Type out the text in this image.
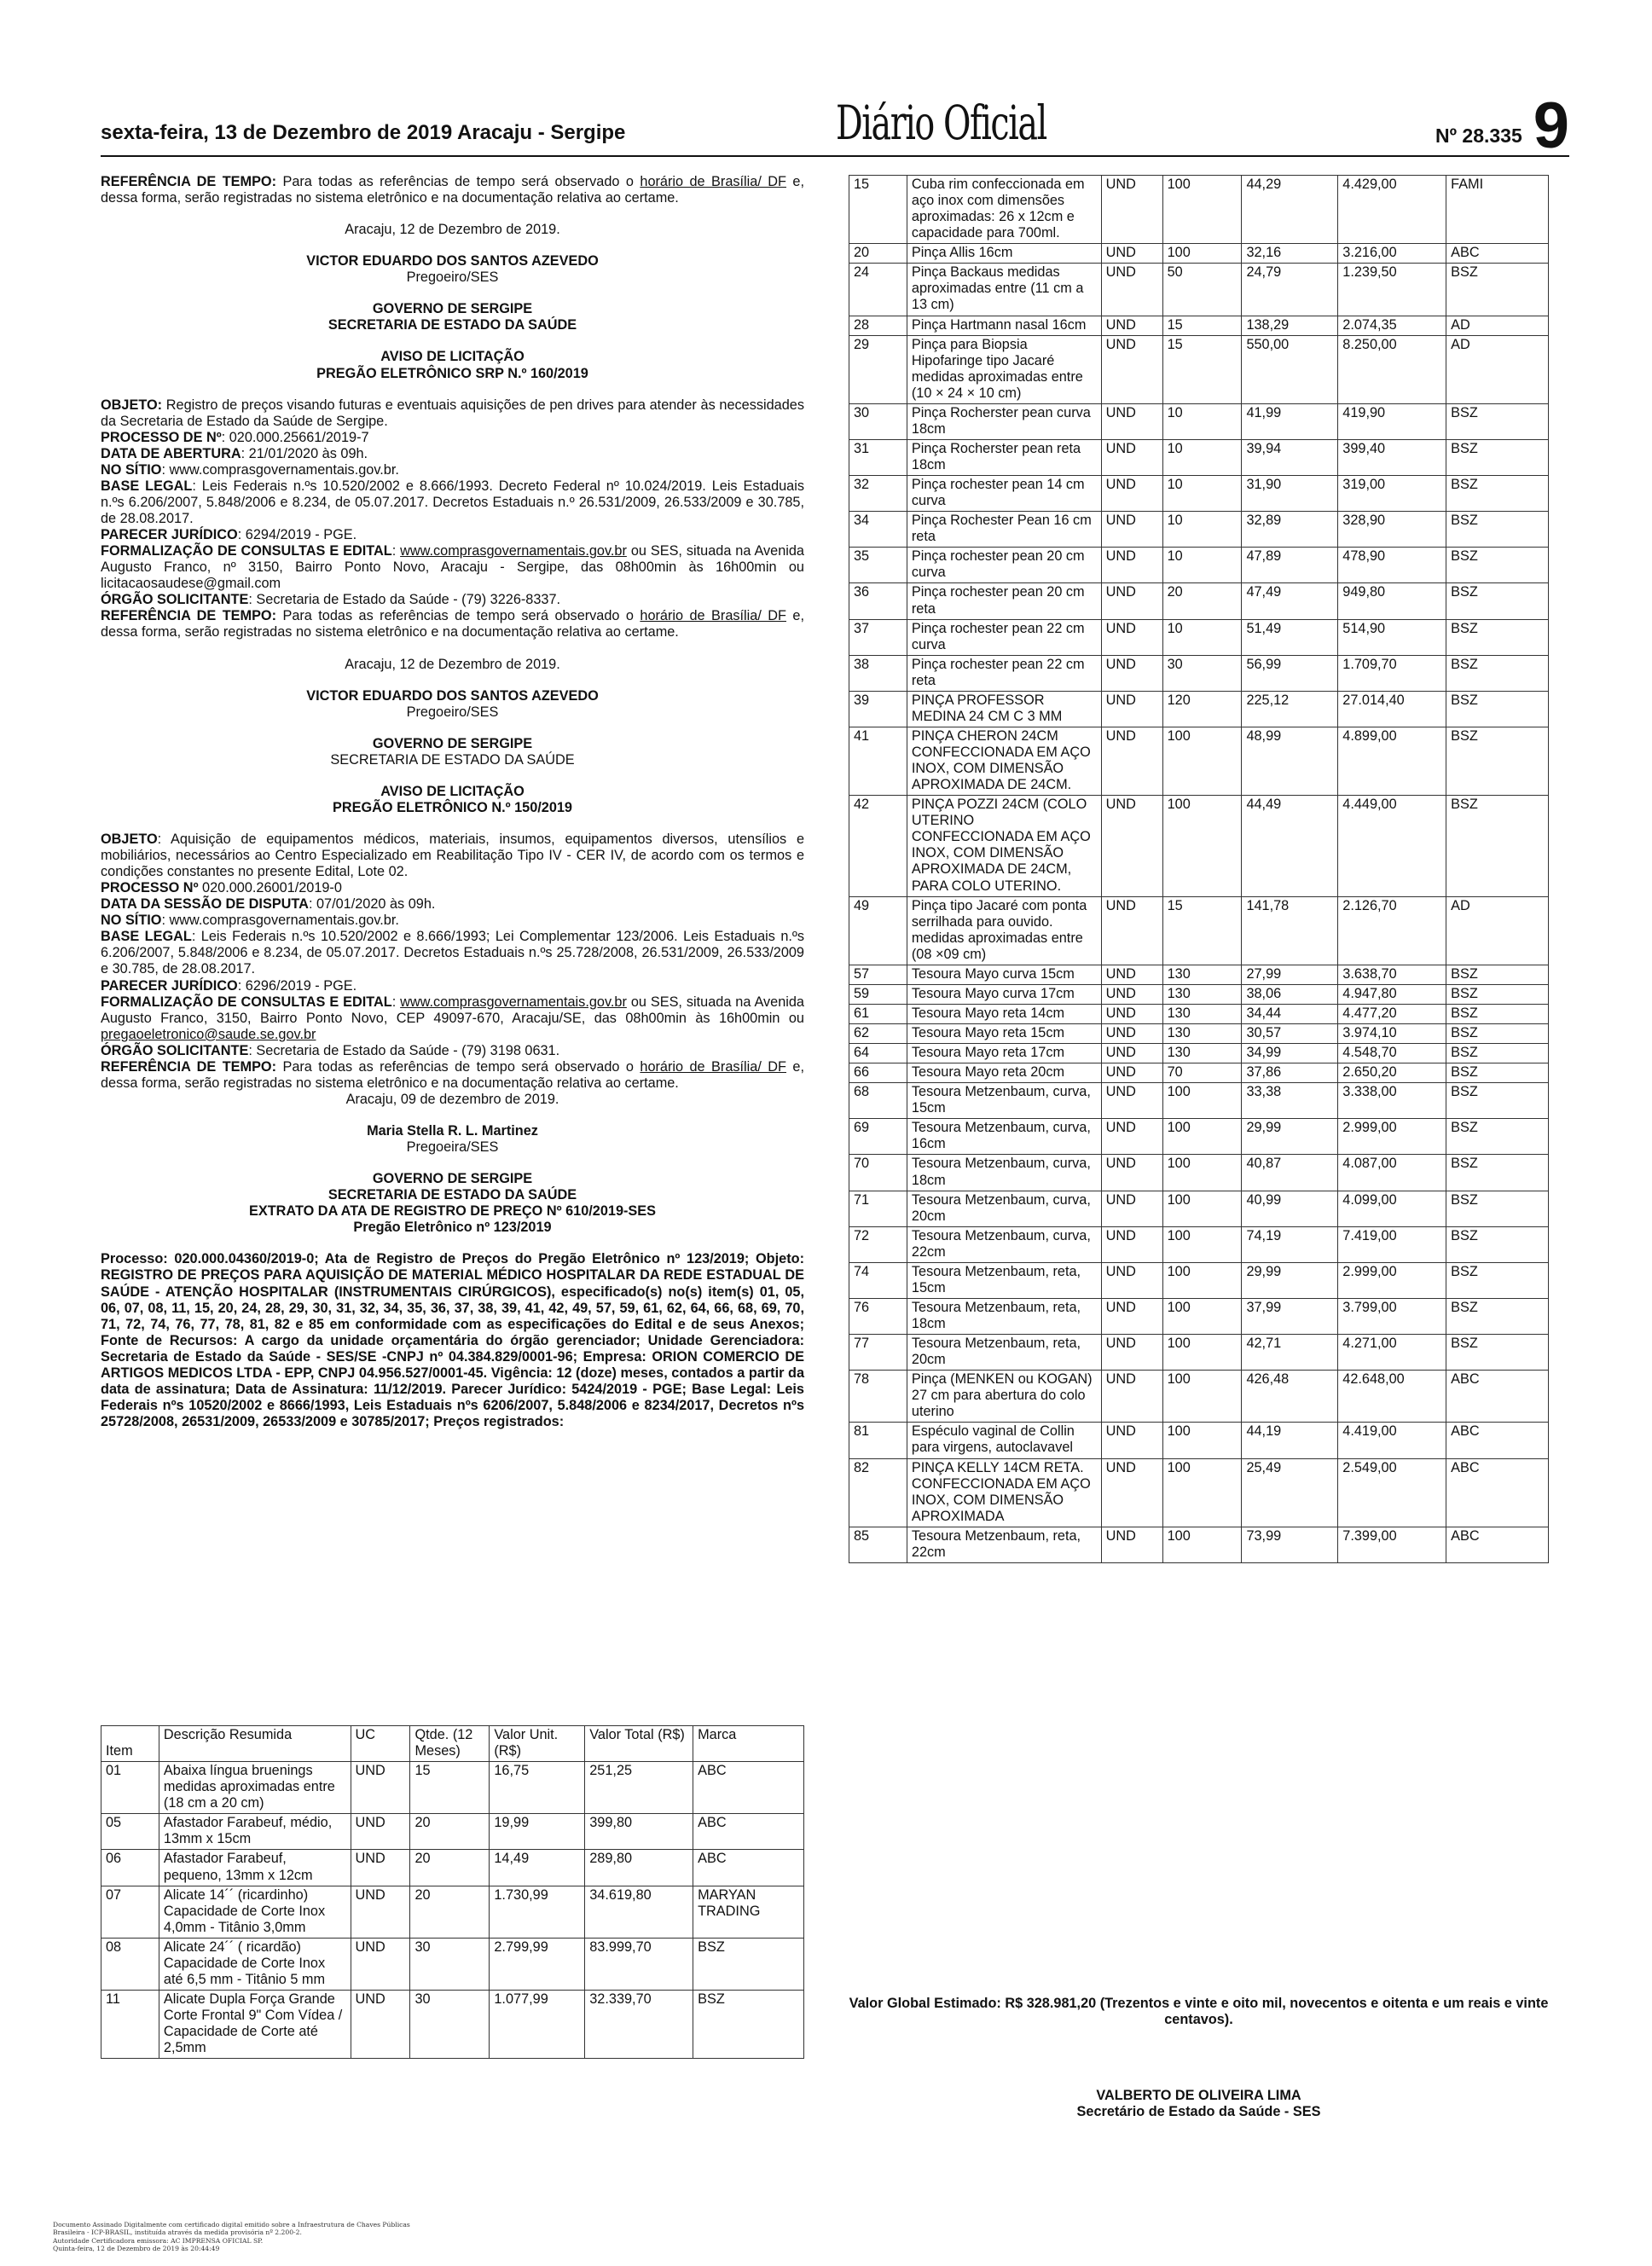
sexta-feira, 13 de Dezembro de 2019 Aracaju - Sergipe	Diário Oficial	Nº 28.335 9

REFERÊNCIA DE TEMPO: Para todas as referências de tempo será observado o horário de Brasília/ DF e, dessa forma, serão registradas no sistema eletrônico e na documentação relativa ao certame.

Aracaju, 12 de Dezembro de 2019.

VICTOR EDUARDO DOS SANTOS AZEVEDO

Pregoeiro/SES

GOVERNO DE SERGIPE

SECRETARIA DE ESTADO DA SAÚDE

AVISO DE LICITAÇÃO

PREGÃO ELETRÔNICO SRP N.º 160/2019

OBJETO: Registro de preços visando futuras e eventuais aquisições de pen drives para atender às necessidades da Secretaria de Estado da Saúde de Sergipe.

PROCESSO DE Nº: 020.000.25661/2019-7

DATA DE ABERTURA: 21/01/2020 às 09h.

NO SÍTIO: www.comprasgovernamentais.gov.br.

BASE LEGAL: Leis Federais n.ºs 10.520/2002 e 8.666/1993. Decreto Federal nº 10.024/2019. Leis Estaduais n.ºs 6.206/2007, 5.848/2006 e 8.234, de 05.07.2017. Decretos Estaduais n.º 26.531/2009, 26.533/2009 e 30.785, de 28.08.2017.

PARECER JURÍDICO: 6294/2019 - PGE.

FORMALIZAÇÃO DE CONSULTAS E EDITAL: www.comprasgovernamentais.gov.br ou SES, situada na Avenida Augusto Franco, nº 3150, Bairro Ponto Novo, Aracaju - Sergipe, das 08h00min às 16h00min ou licitacaosaudese@gmail.com

ÓRGÃO SOLICITANTE: Secretaria de Estado da Saúde - (79) 3226-8337.

REFERÊNCIA DE TEMPO: Para todas as referências de tempo será observado o horário de Brasília/ DF e, dessa forma, serão registradas no sistema eletrônico e na documentação relativa ao certame.

Aracaju, 12 de Dezembro de 2019.

VICTOR EDUARDO DOS SANTOS AZEVEDO

Pregoeiro/SES

GOVERNO DE SERGIPE

SECRETARIA DE ESTADO DA SAÚDE

AVISO DE LICITAÇÃO

PREGÃO ELETRÔNICO N.º 150/2019

OBJETO: Aquisição de equipamentos médicos, materiais, insumos, equipamentos diversos, utensílios e mobiliários, necessários ao Centro Especializado em Reabilitação Tipo IV - CER IV, de acordo com os termos e condições constantes no presente Edital, Lote 02.

PROCESSO Nº 020.000.26001/2019-0

DATA DA SESSÃO DE DISPUTA: 07/01/2020 às 09h.

NO SÍTIO: www.comprasgovernamentais.gov.br.

BASE LEGAL: Leis Federais n.ºs 10.520/2002 e 8.666/1993; Lei Complementar 123/2006. Leis Estaduais n.ºs 6.206/2007, 5.848/2006 e 8.234, de 05.07.2017. Decretos Estaduais n.ºs 25.728/2008, 26.531/2009, 26.533/2009 e 30.785, de 28.08.2017.

PARECER JURÍDICO: 6296/2019 - PGE.

FORMALIZAÇÃO DE CONSULTAS E EDITAL: www.comprasgovernamentais.gov.br ou SES, situada na Avenida Augusto Franco, 3150, Bairro Ponto Novo, CEP 49097-670, Aracaju/SE, das 08h00min às 16h00min ou pregaoeletronico@saude.se.gov.br

ÓRGÃO SOLICITANTE: Secretaria de Estado da Saúde - (79) 3198 0631.

REFERÊNCIA DE TEMPO: Para todas as referências de tempo será observado o horário de Brasília/ DF e, dessa forma, serão registradas no sistema eletrônico e na documentação relativa ao certame.

Aracaju, 09 de dezembro de 2019.

Maria Stella R. L. Martinez

Pregoeira/SES

GOVERNO DE SERGIPE

SECRETARIA DE ESTADO DA SAÚDE

EXTRATO DA ATA DE REGISTRO DE PREÇO Nº 610/2019-SES

Pregão Eletrônico nº 123/2019

Processo: 020.000.04360/2019-0; Ata de Registro de Preços do Pregão Eletrônico nº 123/2019; Objeto: REGISTRO DE PREÇOS PARA AQUISIÇÃO DE MATERIAL MÉDICO HOSPITALAR DA REDE ESTADUAL DE SAÚDE - ATENÇÃO HOSPITALAR (INSTRUMENTAIS CIRÚRGICOS), especificado(s) no(s) item(s) 01, 05, 06, 07, 08, 11, 15, 20, 24, 28, 29, 30, 31, 32, 34, 35, 36, 37, 38, 39, 41, 42, 49, 57, 59, 61, 62, 64, 66, 68, 69, 70, 71, 72, 74, 76, 77, 78, 81, 82 e 85 em conformidade com as especificações do Edital e de seus Anexos; Fonte de Recursos: A cargo da unidade orçamentária do órgão gerenciador; Unidade Gerenciadora: Secretaria de Estado da Saúde - SES/SE -CNPJ nº 04.384.829/0001-96; Empresa: ORION COMERCIO DE ARTIGOS MEDICOS LTDA - EPP, CNPJ 04.956.527/0001-45. Vigência: 12 (doze) meses, contados a partir da data de assinatura; Data de Assinatura: 11/12/2019. Parecer Jurídico: 5424/2019 - PGE; Base Legal: Leis Federais nºs 10520/2002 e 8666/1993, Leis Estaduais nºs 6206/2007, 5.848/2006 e 8234/2017, Decretos nºs 25728/2008, 26531/2009, 26533/2009 e 30785/2017; Preços registrados:

Item	Descrição Resumida	UC	Qtde. (12 Meses)	Valor Unit. (R$)	Valor Total (R$)	Marca
01	Abaixa língua bruenings medidas aproximadas entre (18 cm a 20 cm)	UND	15	16,75	251,25	ABC
05	Afastador Farabeuf, médio, 13mm x 15cm	UND	20	19,99	399,80	ABC
06	Afastador Farabeuf, pequeno, 13mm x 12cm	UND	20	14,49	289,80	ABC
07	Alicate 14´´ (ricardinho) Capacidade de Corte Inox 4,0mm - Titânio 3,0mm	UND	20	1.730,99	34.619,80	MARYAN TRADING
08	Alicate 24´´ ( ricardão) Capacidade de Corte Inox até 6,5 mm - Titânio 5 mm	UND	30	2.799,99	83.999,70	BSZ
11	Alicate Dupla Força Grande Corte Frontal 9" Com Vídea / Capacidade de Corte até 2,5mm	UND	30	1.077,99	32.339,70	BSZ
15	Cuba rim confeccionada em aço inox com dimensões aproximadas: 26 x 12cm e capacidade para 700ml.	UND	100	44,29	4.429,00	FAMI
20	Pinça Allis 16cm	UND	100	32,16	3.216,00	ABC
24	Pinça Backaus medidas aproximadas entre (11 cm a 13 cm)	UND	50	24,79	1.239,50	BSZ
28	Pinça Hartmann nasal 16cm	UND	15	138,29	2.074,35	AD
29	Pinça para Biopsia Hipofaringe tipo Jacaré medidas aproximadas entre (10 × 24 × 10 cm)	UND	15	550,00	8.250,00	AD
30	Pinça Rocherster pean curva 18cm	UND	10	41,99	419,90	BSZ
31	Pinça Rocherster pean reta 18cm	UND	10	39,94	399,40	BSZ
32	Pinça rochester pean 14 cm curva	UND	10	31,90	319,00	BSZ
34	Pinça Rochester Pean 16 cm reta	UND	10	32,89	328,90	BSZ
35	Pinça rochester pean 20 cm curva	UND	10	47,89	478,90	BSZ
36	Pinça rochester pean 20 cm reta	UND	20	47,49	949,80	BSZ
37	Pinça rochester pean 22 cm curva	UND	10	51,49	514,90	BSZ
38	Pinça rochester pean 22 cm reta	UND	30	56,99	1.709,70	BSZ
39	PINÇA PROFESSOR MEDINA 24 CM C 3 MM	UND	120	225,12	27.014,40	BSZ
41	PINÇA CHERON 24CM CONFECCIONADA EM AÇO INOX, COM DIMENSÃO APROXIMADA DE 24CM.	UND	100	48,99	4.899,00	BSZ
42	PINÇA POZZI 24CM (COLO UTERINO CONFECCIONADA EM AÇO INOX, COM DIMENSÃO APROXIMADA DE 24CM, PARA COLO UTERINO.	UND	100	44,49	4.449,00	BSZ
49	Pinça tipo Jacaré com ponta serrilhada para ouvido. medidas aproximadas entre (08 ×09 cm)	UND	15	141,78	2.126,70	AD
57	Tesoura Mayo curva 15cm	UND	130	27,99	3.638,70	BSZ
59	Tesoura Mayo curva 17cm	UND	130	38,06	4.947,80	BSZ
61	Tesoura Mayo reta 14cm	UND	130	34,44	4.477,20	BSZ
62	Tesoura Mayo reta 15cm	UND	130	30,57	3.974,10	BSZ
64	Tesoura Mayo reta 17cm	UND	130	34,99	4.548,70	BSZ
66	Tesoura Mayo reta 20cm	UND	70	37,86	2.650,20	BSZ
68	Tesoura Metzenbaum, curva, 15cm	UND	100	33,38	3.338,00	BSZ
69	Tesoura Metzenbaum, curva, 16cm	UND	100	29,99	2.999,00	BSZ
70	Tesoura Metzenbaum, curva, 18cm	UND	100	40,87	4.087,00	BSZ
71	Tesoura Metzenbaum, curva, 20cm	UND	100	40,99	4.099,00	BSZ
72	Tesoura Metzenbaum, curva, 22cm	UND	100	74,19	7.419,00	BSZ
74	Tesoura Metzenbaum, reta, 15cm	UND	100	29,99	2.999,00	BSZ
76	Tesoura Metzenbaum, reta, 18cm	UND	100	37,99	3.799,00	BSZ
77	Tesoura Metzenbaum, reta, 20cm	UND	100	42,71	4.271,00	BSZ
78	Pinça (MENKEN ou KOGAN) 27 cm para abertura do colo uterino	UND	100	426,48	42.648,00	ABC
81	Espéculo vaginal de Collin para virgens, autoclavavel	UND	100	44,19	4.419,00	ABC
82	PINÇA KELLY 14CM RETA. CONFECCIONADA EM AÇO INOX, COM DIMENSÃO APROXIMADA	UND	100	25,49	2.549,00	ABC
85	Tesoura Metzenbaum, reta, 22cm	UND	100	73,99	7.399,00	ABC

Valor Global Estimado: R$ 328.981,20 (Trezentos e vinte e oito mil, novecentos e oitenta e um reais e vinte centavos).

VALBERTO DE OLIVEIRA LIMA

Secretário de Estado da Saúde - SES

Documento Assinado Digitalmente com certificado digital emitido sobre a Infraestrutura de Chaves Públicas

Brasileira - ICP-BRASIL, instituída através da medida provisória nº 2.200-2.

Autoridade Certificadora emissora: AC IMPRENSA OFICIAL SP.

Quinta-feira, 12 de Dezembro de 2019 às 20:44:49
